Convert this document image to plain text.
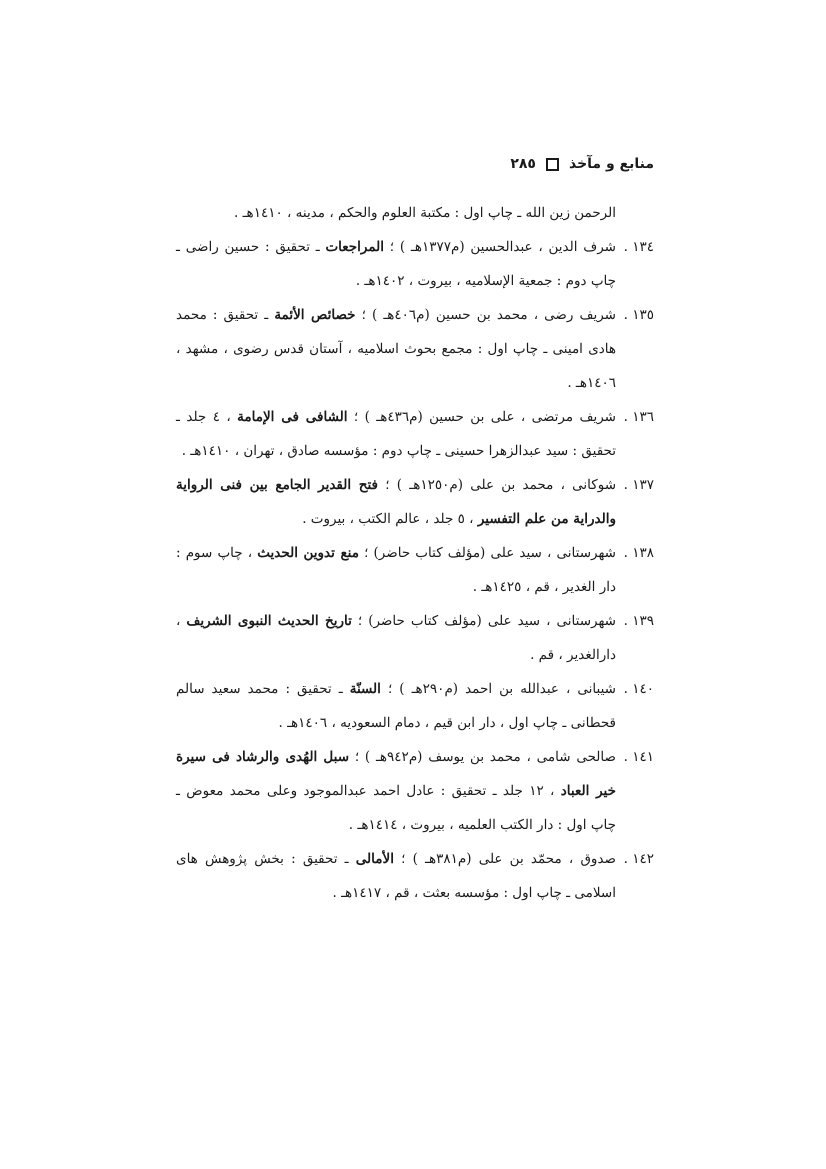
منابع و مآخذ
٢٨٥
الرحمن زين الله ـ چاپ اول : مكتبة العلوم والحكم ، مدينه ، ١٤١٠هـ .
١٣٤ .
شرف الدين ، عبدالحسين (م١٣٧٧هـ ) ؛ المراجعات ـ تحقيق : حسين راضى ـ چاپ دوم : جمعية الإسلاميه ، بيروت ، ١٤٠٢هـ .
١٣٥ .
شريف رضى ، محمد بن حسين (م٤٠٦هـ ) ؛ خصائص الأئمة ـ تحقيق : محمد هادى امينى ـ چاپ اول : مجمع بحوث اسلاميه ، آستان قدس رضوى ، مشهد ، ١٤٠٦هـ .
١٣٦ .
شريف مرتضى ، على بن حسين (م٤٣٦هـ ) ؛ الشافى فى الإمامة ، ٤ جلد ـ تحقيق : سيد عبدالزهرا حسينى ـ چاپ دوم : مؤسسه صادق ، تهران ، ١٤١٠هـ .
١٣٧ .
شوكانى ، محمد بن على (م١٢٥٠هـ ) ؛ فتح القدير الجامع بين فنى الرواية والدراية من علم التفسير ، ٥ جلد ، عالم الكتب ، بيروت .
١٣٨ .
شهرستانى ، سيد على (مؤلف كتاب حاضر) ؛ منع تدوين الحديث ، چاپ سوم : دار الغدير ، قم ، ١٤٢٥هـ .
١٣٩ .
شهرستانى ، سيد على (مؤلف كتاب حاضر) ؛ تاريخ الحديث النبوى الشريف ، دارالغدير ، قم .
١٤٠ .
شيبانى ، عبدالله بن احمد (م٢٩٠هـ ) ؛ السنّة ـ تحقيق : محمد سعيد سالم قحطانى ـ چاپ اول ، دار ابن قيم ، دمام السعوديه ، ١٤٠٦هـ .
١٤١ .
صالحى شامى ، محمد بن يوسف (م٩٤٢هـ ) ؛ سبل الهُدى والرشاد فى سيرة خير العباد ، ١٢ جلد ـ تحقيق : عادل احمد عبدالموجود وعلى محمد معوض ـ چاپ اول : دار الكتب العلميه ، بيروت ، ١٤١٤هـ .
١٤٢ .
صدوق ، محمّد بن على (م٣٨١هـ ) ؛ الأمالى ـ تحقيق : بخش پژوهش هاى اسلامى ـ چاپ اول : مؤسسه بعثت ، قم ، ١٤١٧هـ .
